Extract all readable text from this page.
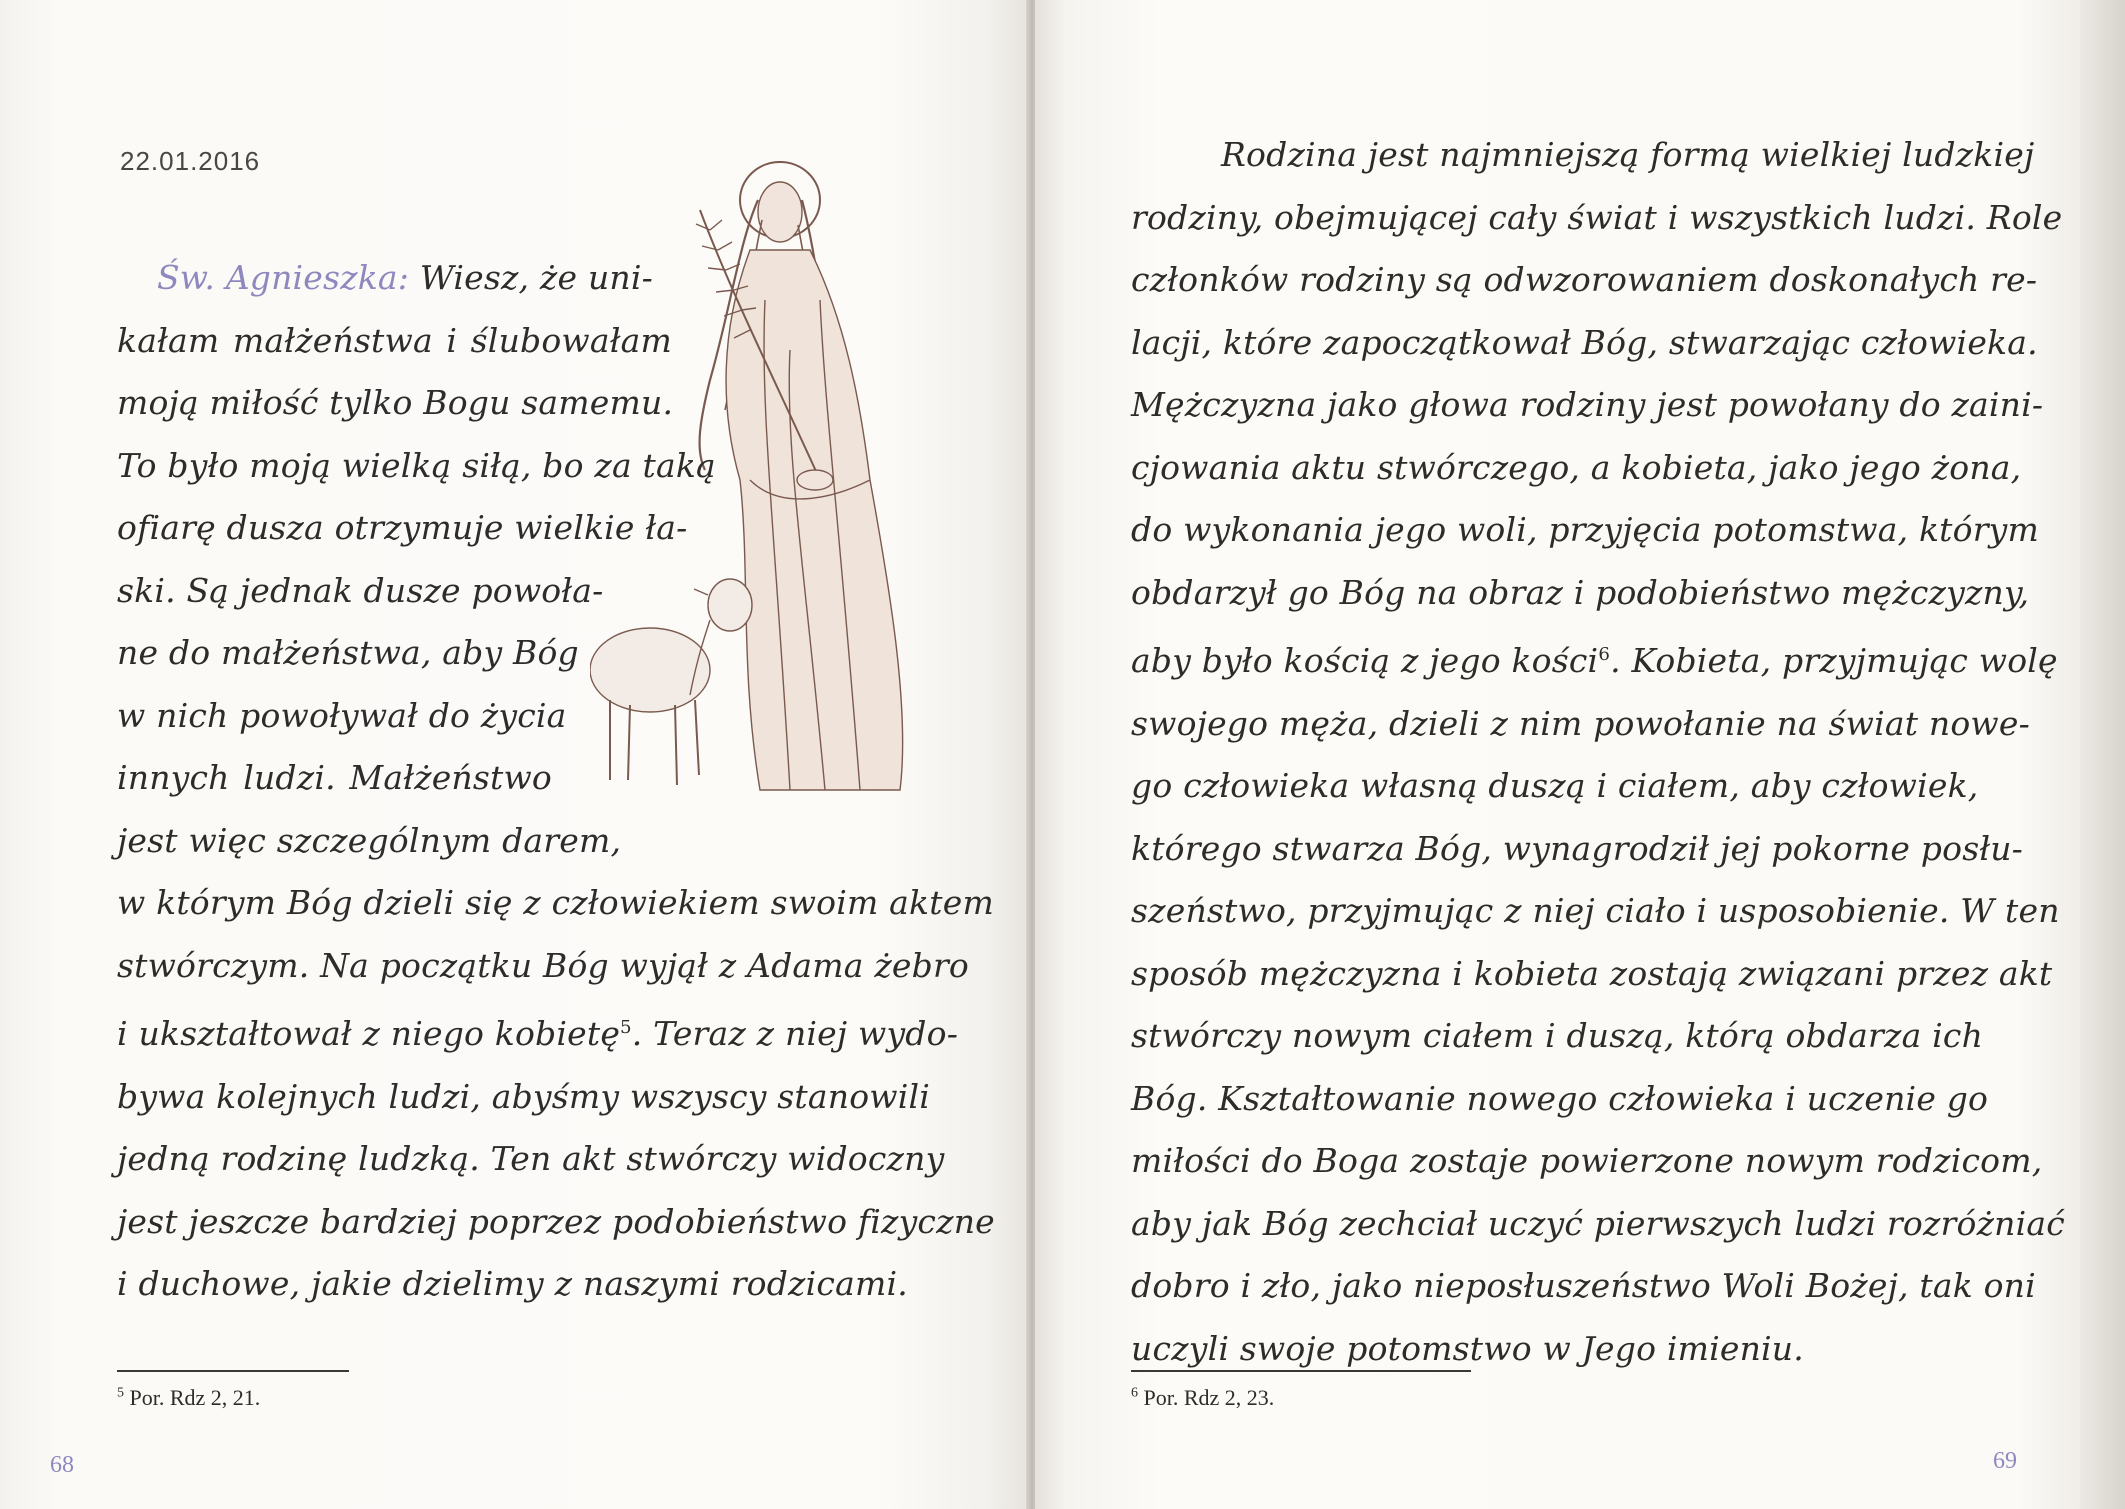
22.01.2016
Św. Agnieszka: Wiesz, że uni-
kałam małżeństwa i ślubowałam
moją miłość tylko Bogu samemu.
To było moją wielką siłą, bo za taką
ofiarę dusza otrzymuje wielkie ła-
ski. Są jednak dusze powoła-
ne do małżeństwa, aby Bóg
w nich powoływał do życia
innych ludzi. Małżeństwo
jest więc szczególnym darem,
w którym Bóg dzieli się z człowiekiem swoim aktem
stwórczym. Na początku Bóg wyjął z Adama żebro
i ukształtował z niego kobietę$^5$. Teraz z niej wydo-
bywa kolejnych ludzi, abyśmy wszyscy stanowili
jedną rodzinę ludzką. Ten akt stwórczy widoczny
jest jeszcze bardziej poprzez podobieństwo fizyczne
i duchowe, jakie dzielimy z naszymi rodzicami.
$^5$ Por. Rdz 2, 21.
68
Rodzina jest najmniejszą formą wielkiej ludzkiej
rodziny, obejmującej cały świat i wszystkich ludzi. Role
członków rodziny są odwzorowaniem doskonałych re-
lacji, które zapoczątkował Bóg, stwarzając człowieka.
Mężczyzna jako głowa rodziny jest powołany do zaini-
cjowania aktu stwórczego, a kobieta, jako jego żona,
do wykonania jego woli, przyjęcia potomstwa, którym
obdarzył go Bóg na obraz i podobieństwo mężczyzny,
aby było kością z jego kości$^6$. Kobieta, przyjmując wolę
swojego męża, dzieli z nim powołanie na świat nowe-
go człowieka własną duszą i ciałem, aby człowiek,
którego stwarza Bóg, wynagrodził jej pokorne posłu-
szeństwo, przyjmując z niej ciało i usposobienie. W ten
sposób mężczyzna i kobieta zostają związani przez akt
stwórczy nowym ciałem i duszą, którą obdarza ich
Bóg. Kształtowanie nowego człowieka i uczenie go
miłości do Boga zostaje powierzone nowym rodzicom,
aby jak Bóg zechciał uczyć pierwszych ludzi rozróżniać
dobro i zło, jako nieposłuszeństwo Woli Bożej, tak oni
uczyli swoje potomstwo w Jego imieniu.
$^6$ Por. Rdz 2, 23.
69
